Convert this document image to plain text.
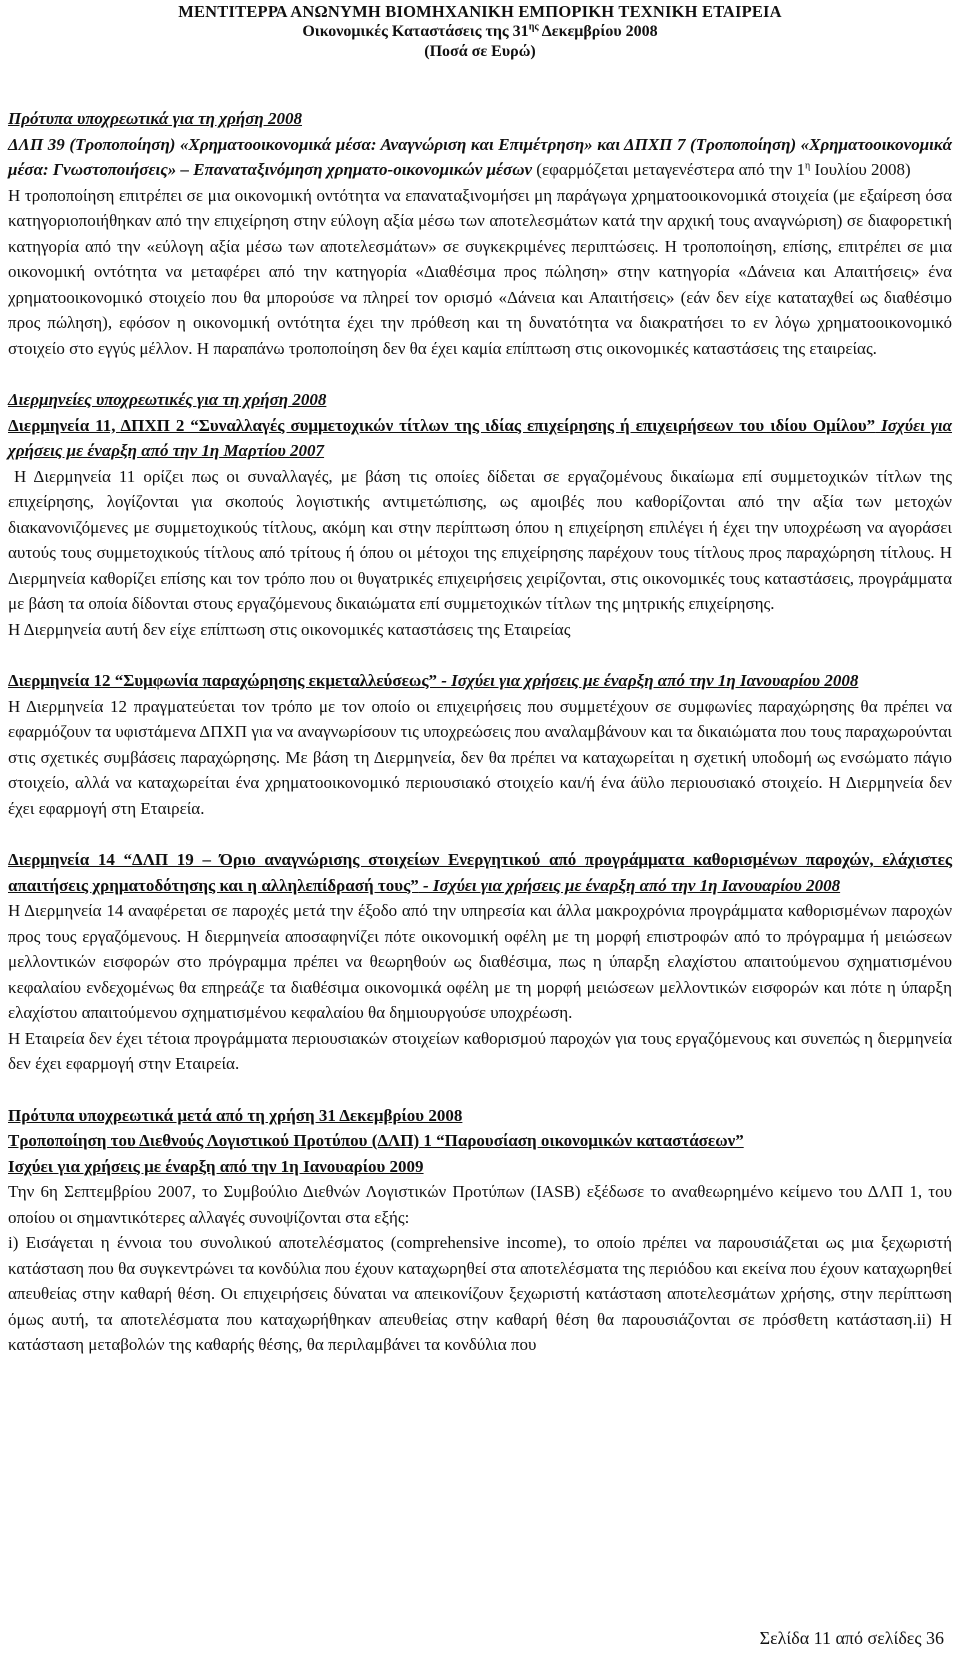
ΜΕΝΤΙΤΕΡΡΑ ΑΝΩΝΥΜΗ ΒΙΟΜΗΧΑΝΙΚΗ ΕΜΠΟΡΙΚΗ ΤΕΧΝΙΚΗ ΕΤΑΙΡΕΙΑ
Οικονομικές Καταστάσεις της $31^{\eta\varsigma}$ Δεκεμβρίου 2008
(Ποσά σε Ευρώ)

Πρότυπα υποχρεωτικά για τη χρήση 2008

ΔΛΠ 39 (Τροποποίηση) «Χρηματοοικονομικά μέσα: Αναγνώριση και Επιμέτρηση» και ΔΠΧΠ 7 (Τροποποίηση) «Χρηματοοικονομικά μέσα: Γνωστοποιήσεις» – Επαναταξινόμηση χρηματο-οικονομικών μέσων (εφαρμόζεται μεταγενέστερα από την $1^\eta$ Ιουλίου 2008)

Η τροποποίηση επιτρέπει σε μια οικονομική οντότητα να επαναταξινομήσει μη παράγωγα χρηματοοικονομικά στοιχεία (με εξαίρεση όσα κατηγοριοποιήθηκαν από την επιχείρηση στην εύλογη αξία μέσω των αποτελεσμάτων κατά την αρχική τους αναγνώριση) σε διαφορετική κατηγορία από την «εύλογη αξία μέσω των αποτελεσμάτων» σε συγκεκριμένες περιπτώσεις. Η τροποποίηση, επίσης, επιτρέπει σε μια οικονομική οντότητα να μεταφέρει από την κατηγορία «Διαθέσιμα προς πώληση» στην κατηγορία «Δάνεια και Απαιτήσεις» ένα χρηματοοικονομικό στοιχείο που θα μπορούσε να πληρεί τον ορισμό «Δάνεια και Απαιτήσεις» (εάν δεν είχε καταταχθεί ως διαθέσιμο προς πώληση), εφόσον η οικονομική οντότητα έχει την πρόθεση και τη δυνατότητα να διακρατήσει το εν λόγω χρηματοοικονομικό στοιχείο στο εγγύς μέλλον. Η παραπάνω τροποποίηση δεν θα έχει καμία επίπτωση στις οικονομικές καταστάσεις της εταιρείας.

Διερμηνείες υποχρεωτικές για τη χρήση 2008

Διερμηνεία 11, ΔΠΧΠ 2 “Συναλλαγές συμμετοχικών τίτλων της ιδίας επιχείρησης ή επιχειρήσεων του ιδίου Ομίλου” Ισχύει για χρήσεις με έναρξη από την 1η Μαρτίου 2007

Η Διερμηνεία 11 ορίζει πως οι συναλλαγές, με βάση τις οποίες δίδεται σε εργαζομένους δικαίωμα επί συμμετοχικών τίτλων της επιχείρησης, λογίζονται για σκοπούς λογιστικής αντιμετώπισης, ως αμοιβές που καθορίζονται από την αξία των μετοχών διακανονιζόμενες με συμμετοχικούς τίτλους, ακόμη και στην περίπτωση όπου η επιχείρηση επιλέγει ή έχει την υποχρέωση να αγοράσει αυτούς τους συμμετοχικούς τίτλους από τρίτους ή όπου οι μέτοχοι της επιχείρησης παρέχουν τους τίτλους προς παραχώρηση τίτλους. Η Διερμηνεία καθορίζει επίσης και τον τρόπο που οι θυγατρικές επιχειρήσεις χειρίζονται, στις οικονομικές τους καταστάσεις, προγράμματα με βάση τα οποία δίδονται στους εργαζόμενους δικαιώματα επί συμμετοχικών τίτλων της μητρικής επιχείρησης.

Η Διερμηνεία αυτή δεν είχε επίπτωση στις οικονομικές καταστάσεις της Εταιρείας

Διερμηνεία 12 “Συμφωνία παραχώρησης εκμεταλλεύσεως” - Ισχύει για χρήσεις με έναρξη από την 1η Ιανουαρίου 2008

Η Διερμηνεία 12 πραγματεύεται τον τρόπο με τον οποίο οι επιχειρήσεις που συμμετέχουν σε συμφωνίες παραχώρησης θα πρέπει να εφαρμόζουν τα υφιστάμενα ΔΠΧΠ για να αναγνωρίσουν τις υποχρεώσεις που αναλαμβάνουν και τα δικαιώματα που τους παραχωρούνται στις σχετικές συμβάσεις παραχώρησης. Με βάση τη Διερμηνεία, δεν θα πρέπει να καταχωρείται η σχετική υποδομή ως ενσώματο πάγιο στοιχείο, αλλά να καταχωρείται ένα χρηματοοικονομικό περιουσιακό στοιχείο και/ή ένα άϋλο περιουσιακό στοιχείο. Η Διερμηνεία δεν έχει εφαρμογή στη Εταιρεία.

Διερμηνεία 14 “ΔΛΠ 19 – Όριο αναγνώρισης στοιχείων Ενεργητικού από προγράμματα καθορισμένων παροχών, ελάχιστες απαιτήσεις χρηματοδότησης και η αλληλεπίδρασή τους” - Ισχύει για χρήσεις με έναρξη από την 1η Ιανουαρίου 2008

Η Διερμηνεία 14 αναφέρεται σε παροχές μετά την έξοδο από την υπηρεσία και άλλα μακροχρόνια προγράμματα καθορισμένων παροχών προς τους εργαζόμενους. Η διερμηνεία αποσαφηνίζει πότε οικονομική οφέλη με τη μορφή επιστροφών από το πρόγραμμα ή μειώσεων μελλοντικών εισφορών στο πρόγραμμα πρέπει να θεωρηθούν ως διαθέσιμα, πως η ύπαρξη ελαχίστου απαιτούμενου σχηματισμένου κεφαλαίου ενδεχομένως θα επηρεάζε τα διαθέσιμα οικονομικά οφέλη με τη μορφή μειώσεων μελλοντικών εισφορών και πότε η ύπαρξη ελαχίστου απαιτούμενου σχηματισμένου κεφαλαίου θα δημιουργούσε υποχρέωση.

Η Εταιρεία δεν έχει τέτοια προγράμματα περιουσιακών στοιχείων καθορισμού παροχών για τους εργαζόμενους και συνεπώς η διερμηνεία δεν έχει εφαρμογή στην Εταιρεία.

Πρότυπα υποχρεωτικά μετά από τη χρήση 31 Δεκεμβρίου 2008

Τροποποίηση του Διεθνούς Λογιστικού Προτύπου (ΔΛΠ) 1 “Παρουσίαση οικονομικών καταστάσεων”

Ισχύει για χρήσεις με έναρξη από την 1η Ιανουαρίου 2009

Την 6η Σεπτεμβρίου 2007, το Συμβούλιο Διεθνών Λογιστικών Προτύπων (IASB) εξέδωσε το αναθεωρημένο κείμενο του ΔΛΠ 1, του οποίου οι σημαντικότερες αλλαγές συνοψίζονται στα εξής:

i) Εισάγεται η έννοια του συνολικού αποτελέσματος (comprehensive income), το οποίο πρέπει να παρουσιάζεται ως μια ξεχωριστή κατάσταση που θα συγκεντρώνει τα κονδύλια που έχουν καταχωρηθεί στα αποτελέσματα της περιόδου και εκείνα που έχουν καταχωρηθεί απευθείας στην καθαρή θέση. Οι επιχειρήσεις δύναται να απεικονίζουν ξεχωριστή κατάσταση αποτελεσμάτων χρήσης, στην περίπτωση όμως αυτή, τα αποτελέσματα που καταχωρήθηκαν απευθείας στην καθαρή θέση θα παρουσιάζονται σε πρόσθετη κατάσταση.ii) Η κατάσταση μεταβολών της καθαρής θέσης, θα περιλαμβάνει τα κονδύλια που

Σελίδα 11 από σελίδες 36
